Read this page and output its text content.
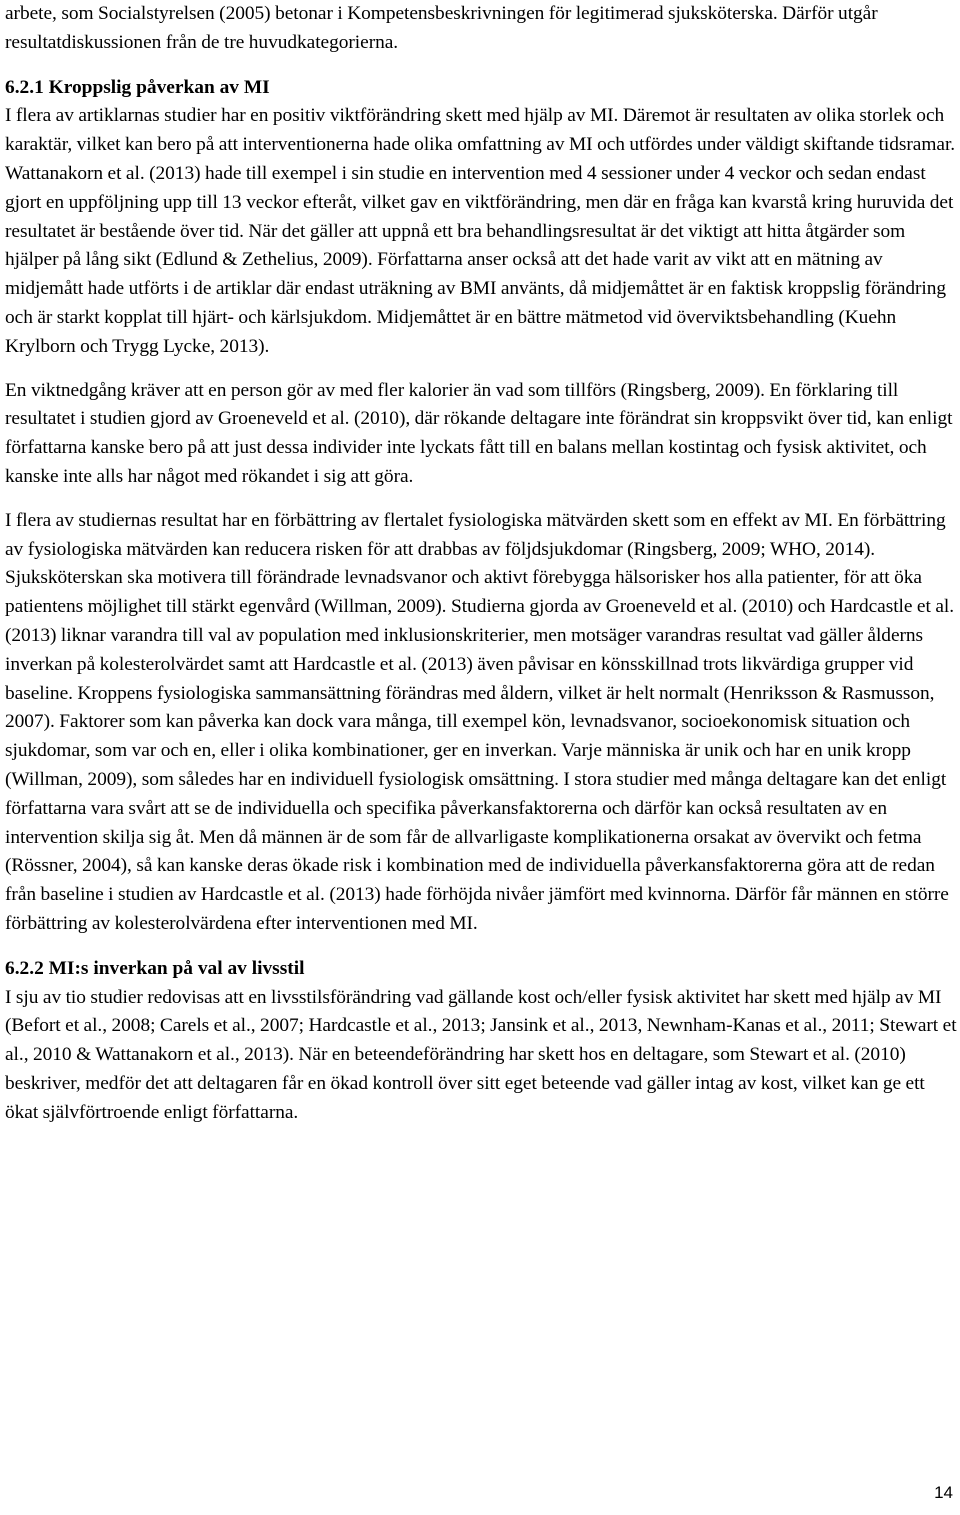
arbete, som Socialstyrelsen (2005) betonar i Kompetensbeskrivningen för legitimerad sjuksköterska. Därför utgår resultatdiskussionen från de tre huvudkategorierna.

6.2.1 Kroppslig påverkan av MI

I flera av artiklarnas studier har en positiv viktförändring skett med hjälp av MI. Däremot är resultaten av olika storlek och karaktär, vilket kan bero på att interventionerna hade olika omfattning av MI och utfördes under väldigt skiftande tidsramar. Wattanakorn et al. (2013) hade till exempel i sin studie en intervention med 4 sessioner under 4 veckor och sedan endast gjort en uppföljning upp till 13 veckor efteråt, vilket gav en viktförändring, men där en fråga kan kvarstå kring huruvida det resultatet är bestående över tid. När det gäller att uppnå ett bra behandlingsresultat är det viktigt att hitta åtgärder som hjälper på lång sikt (Edlund & Zethelius, 2009). Författarna anser också att det hade varit av vikt att en mätning av midjemått hade utförts i de artiklar där endast uträkning av BMI använts, då midjemåttet är en faktisk kroppslig förändring och är starkt kopplat till hjärt- och kärlsjukdom. Midjemåttet är en bättre mätmetod vid överviktsbehandling (Kuehn Krylborn och Trygg Lycke, 2013).

En viktnedgång kräver att en person gör av med fler kalorier än vad som tillförs (Ringsberg, 2009). En förklaring till resultatet i studien gjord av Groeneveld et al. (2010), där rökande deltagare inte förändrat sin kroppsvikt över tid, kan enligt författarna kanske bero på att just dessa individer inte lyckats fått till en balans mellan kostintag och fysisk aktivitet, och kanske inte alls har något med rökandet i sig att göra.

I flera av studiernas resultat har en förbättring av flertalet fysiologiska mätvärden skett som en effekt av MI. En förbättring av fysiologiska mätvärden kan reducera risken för att drabbas av följdsjukdomar (Ringsberg, 2009; WHO, 2014). Sjuksköterskan ska motivera till förändrade levnadsvanor och aktivt förebygga hälsorisker hos alla patienter, för att öka patientens möjlighet till stärkt egenvård (Willman, 2009). Studierna gjorda av Groeneveld et al. (2010) och Hardcastle et al. (2013) liknar varandra till val av population med inklusionskriterier, men motsäger varandras resultat vad gäller ålderns inverkan på kolesterolvärdet samt att Hardcastle et al. (2013) även påvisar en könsskillnad trots likvärdiga grupper vid baseline. Kroppens fysiologiska sammansättning förändras med åldern, vilket är helt normalt (Henriksson & Rasmusson, 2007). Faktorer som kan påverka kan dock vara många, till exempel kön, levnadsvanor, socioekonomisk situation och sjukdomar, som var och en, eller i olika kombinationer, ger en inverkan. Varje människa är unik och har en unik kropp (Willman, 2009), som således har en individuell fysiologisk omsättning. I stora studier med många deltagare kan det enligt författarna vara svårt att se de individuella och specifika påverkansfaktorerna och därför kan också resultaten av en intervention skilja sig åt. Men då männen är de som får de allvarligaste komplikationerna orsakat av övervikt och fetma (Rössner, 2004), så kan kanske deras ökade risk i kombination med de individuella påverkansfaktorerna göra att de redan från baseline i studien av Hardcastle et al. (2013) hade förhöjda nivåer jämfört med kvinnorna. Därför får männen en större förbättring av kolesterolvärdena efter interventionen med MI.

6.2.2 MI:s inverkan på val av livsstil

I sju av tio studier redovisas att en livsstilsförändring vad gällande kost och/eller fysisk aktivitet har skett med hjälp av MI (Befort et al., 2008; Carels et al., 2007; Hardcastle et al., 2013; Jansink et al., 2013, Newnham-Kanas et al., 2011; Stewart et al., 2010 & Wattanakorn et al., 2013). När en beteendeförändring har skett hos en deltagare, som Stewart et al. (2010) beskriver, medför det att deltagaren får en ökad kontroll över sitt eget beteende vad gäller intag av kost, vilket kan ge ett ökat självförtroende enligt författarna.

14
